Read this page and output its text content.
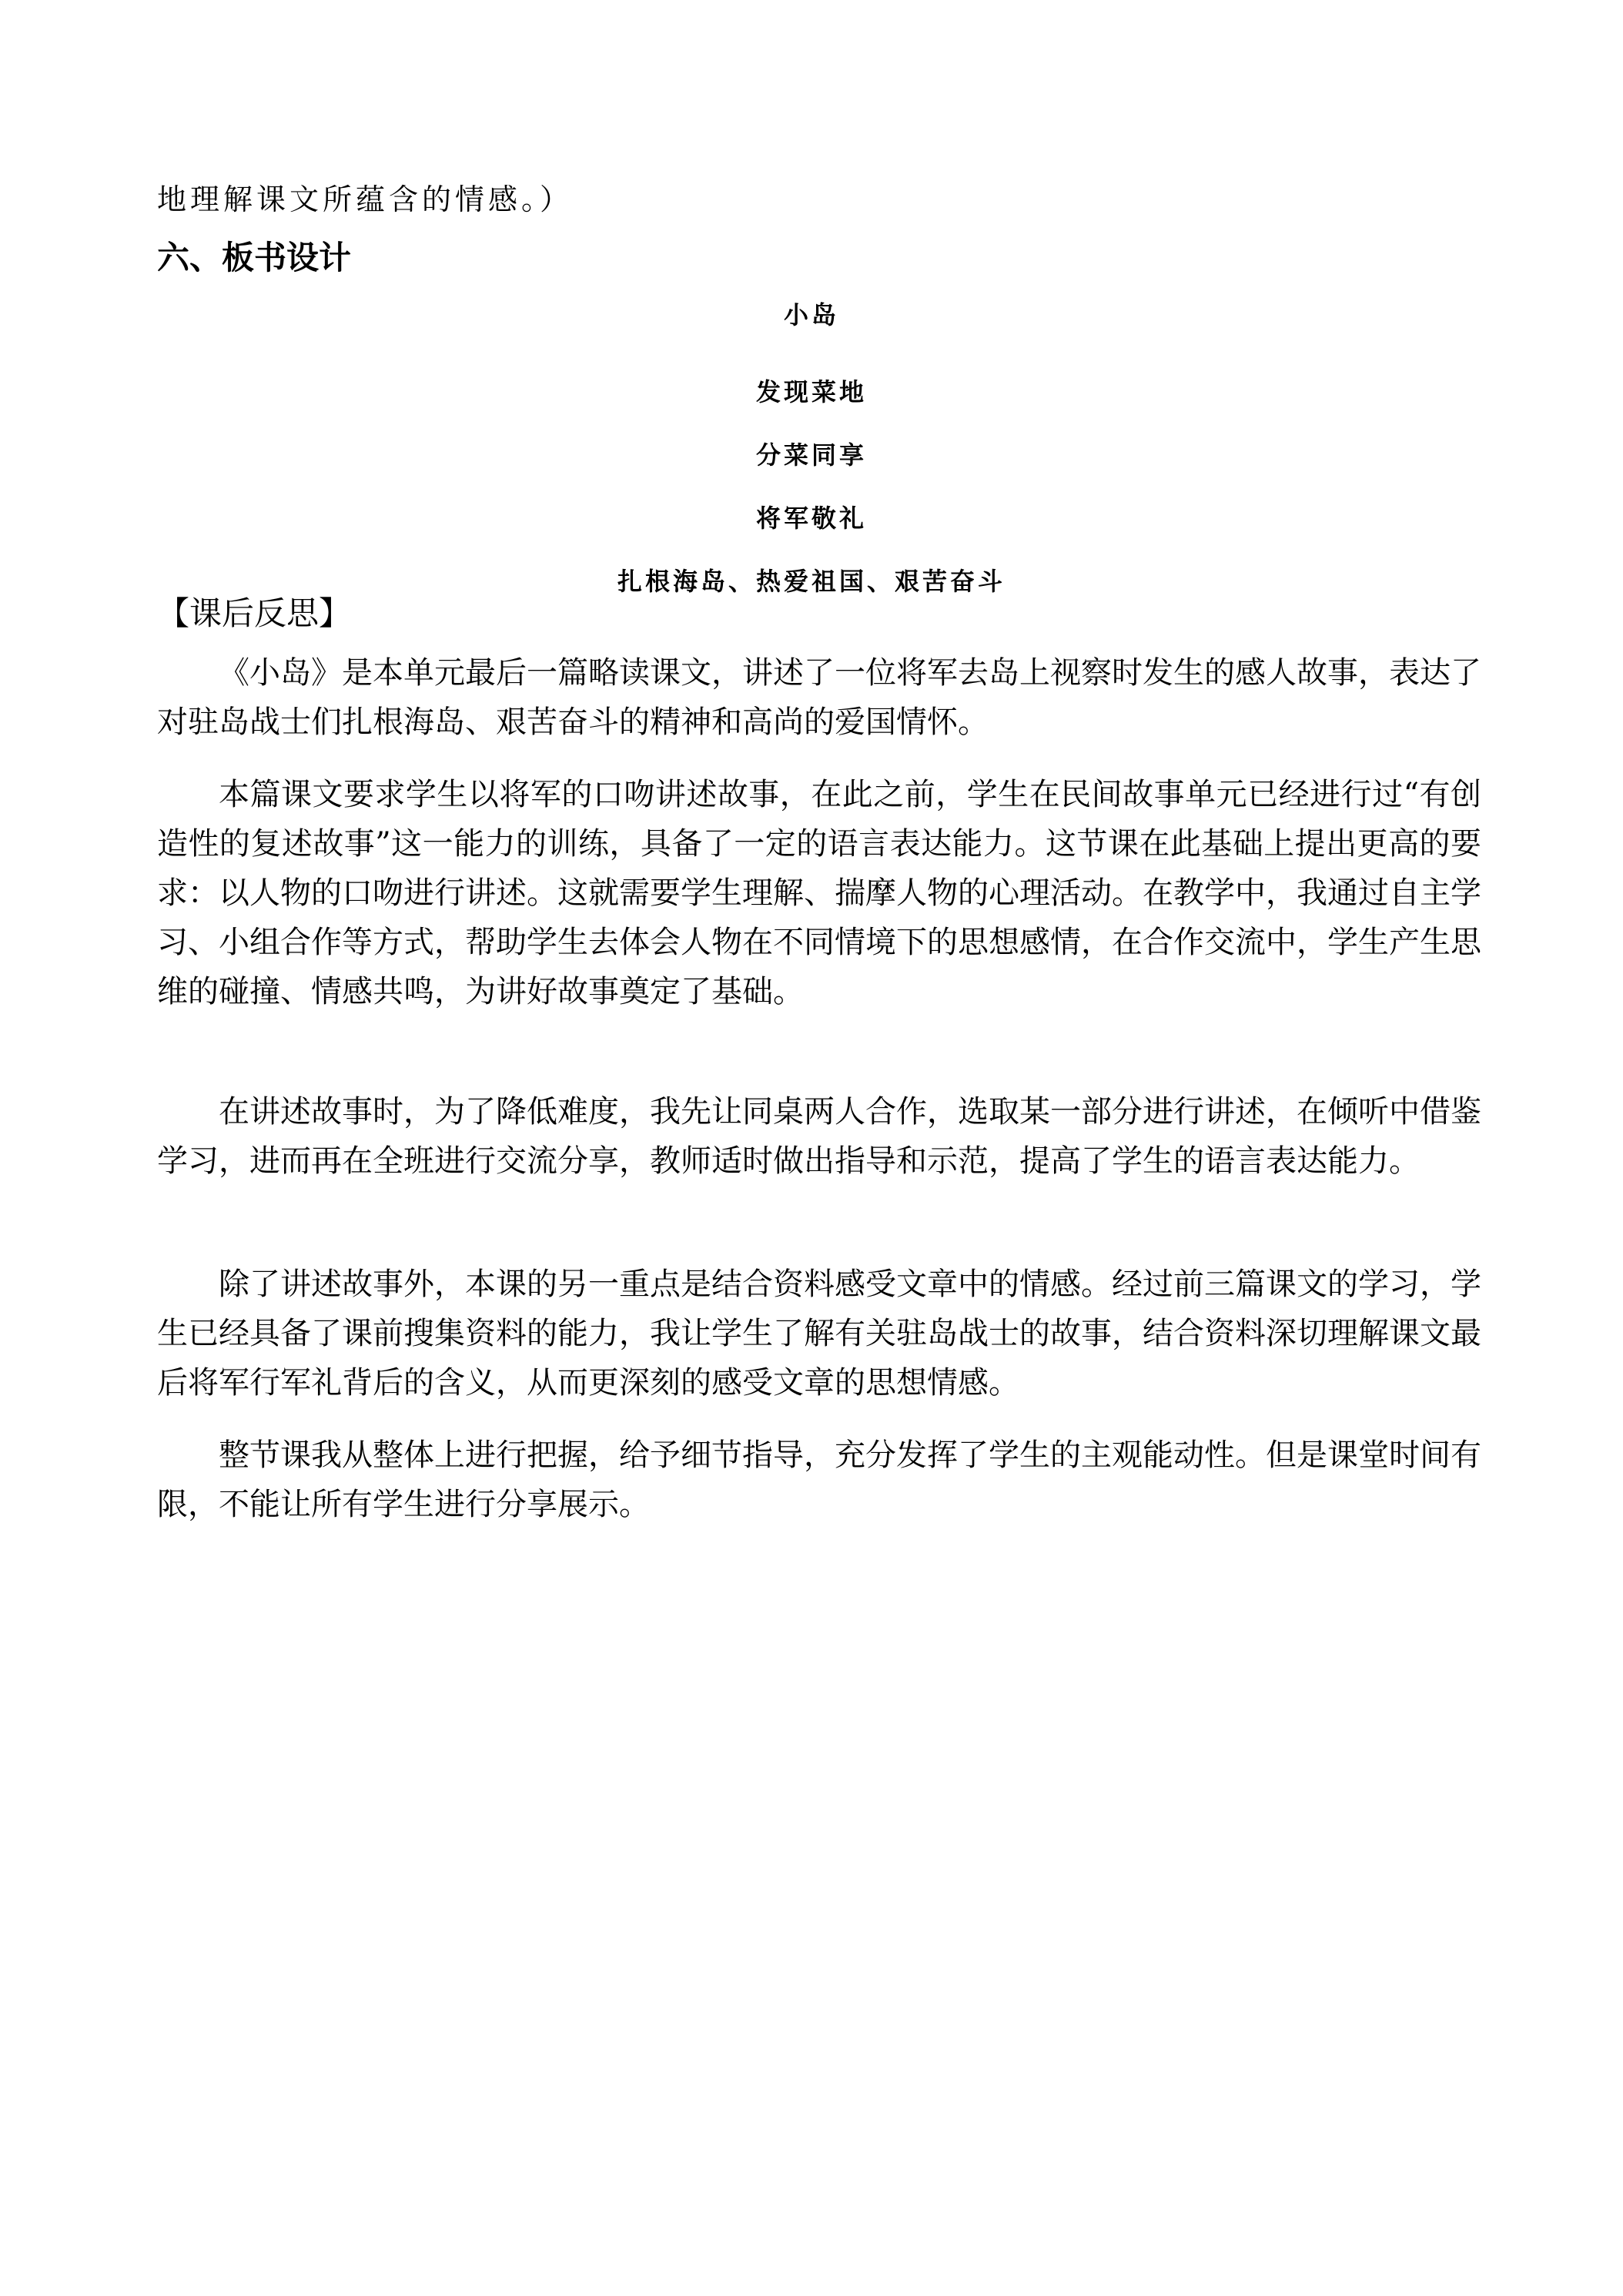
地理解课文所蕴含的情感。）
六、板书设计
小岛
发现菜地
分菜同享
将军敬礼
扎根海岛、热爱祖国、艰苦奋斗
【课后反思】

《小岛》是本单元最后一篇略读课文，讲述了一位将军去岛上视察时发生的感人故事，表达了对驻岛战士们扎根海岛、艰苦奋斗的精神和高尚的爱国情怀。

本篇课文要求学生以将军的口吻讲述故事，在此之前，学生在民间故事单元已经进行过“有创造性的复述故事”这一能力的训练，具备了一定的语言表达能力。这节课在此基础上提出更高的要求：以人物的口吻进行讲述。这就需要学生理解、揣摩人物的心理活动。在教学中，我通过自主学习、小组合作等方式，帮助学生去体会人物在不同情境下的思想感情，在合作交流中，学生产生思维的碰撞、情感共鸣，为讲好故事奠定了基础。

在讲述故事时，为了降低难度，我先让同桌两人合作，选取某一部分进行讲述，在倾听中借鉴学习，进而再在全班进行交流分享，教师适时做出指导和示范，提高了学生的语言表达能力。

除了讲述故事外，本课的另一重点是结合资料感受文章中的情感。经过前三篇课文的学习，学生已经具备了课前搜集资料的能力，我让学生了解有关驻岛战士的故事，结合资料深切理解课文最后将军行军礼背后的含义，从而更深刻的感受文章的思想情感。

整节课我从整体上进行把握，给予细节指导，充分发挥了学生的主观能动性。但是课堂时间有限，不能让所有学生进行分享展示。
